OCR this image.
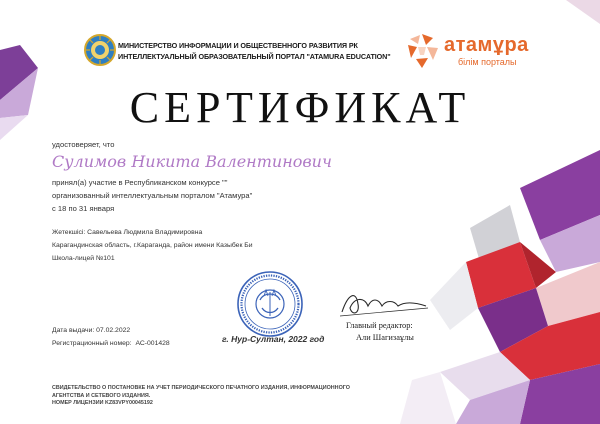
МИНИСТЕРСТВО ИНФОРМАЦИИ И ОБЩЕСТВЕННОГО РАЗВИТИЯ РК
ИНТЕЛЛЕКТУАЛЬНЫЙ ОБРАЗОВАТЕЛЬНЫЙ ПОРТАЛ "ATAMURA EDUCATION"	атамұра
білім порталы
СЕРТИФИКАТ
удостоверяет, что
Сулимов Никита Валентинович
принял(а) участие в Республиканском конкурсе ""
организованный интеллектуальным порталом "Атамура"
с 18 по 31 января
Жетекшісі: Савельева Людмила Владимировна
Карагандинская область, г.Караганда, район имени Казыбек Би
Школа-лицей №101
Дата выдачи: 07.02.2022
Регистрационный номер: АС-001428
Главный редактор:
Али Шагизаұлы
г. Нур-Султан, 2022 год
СВИДЕТЕЛЬСТВО О ПОСТАНОВКЕ НА УЧЕТ ПЕРИОДИЧЕСКОГО ПЕЧАТНОГО ИЗДАНИЯ, ИНФОРМАЦИОННОГО АГЕНТСТВА И СЕТЕВОГО ИЗДАНИЯ.
НОМЕР ЛИЦЕНЗИИ KZ83VPY00045192
